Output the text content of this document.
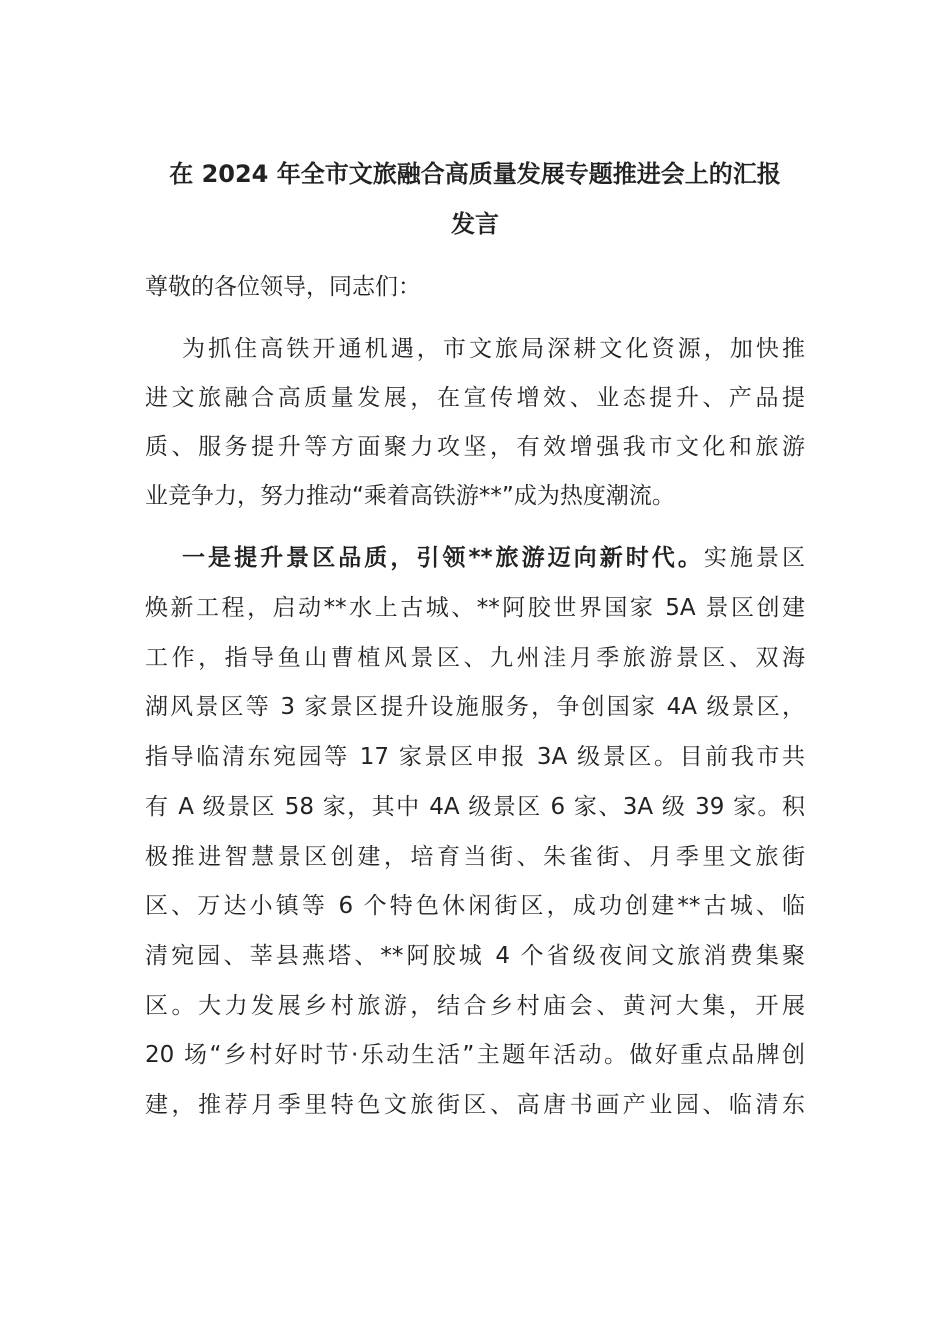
在 2024 年全市文旅融合高质量发展专题推进会上的汇报
发言
尊敬的各位领导，同志们：
为抓住高铁开通机遇，市文旅局深耕文化资源，加快推
进文旅融合高质量发展，在宣传增效、业态提升、产品提
质、服务提升等方面聚力攻坚，有效增强我市文化和旅游
业竞争力，努力推动“乘着高铁游**”成为热度潮流。
一是提升景区品质，引领**旅游迈向新时代。实施景区
焕新工程，启动**水上古城、**阿胶世界国家 5A 景区创建
工作，指导鱼山曹植风景区、九州洼月季旅游景区、双海
湖风景区等 3 家景区提升设施服务，争创国家 4A 级景区，
指导临清东宛园等 17 家景区申报 3A 级景区。目前我市共
有 A 级景区 58 家，其中 4A 级景区 6 家、3A 级 39 家。积
极推进智慧景区创建，培育当街、朱雀街、月季里文旅街
区、万达小镇等 6 个特色休闲街区，成功创建**古城、临
清宛园、莘县燕塔、**阿胶城 4 个省级夜间文旅消费集聚
区。大力发展乡村旅游，结合乡村庙会、黄河大集，开展
20 场“乡村好时节·乐动生活”主题年活动。做好重点品牌创
建，推荐月季里特色文旅街区、高唐书画产业园、临清东
